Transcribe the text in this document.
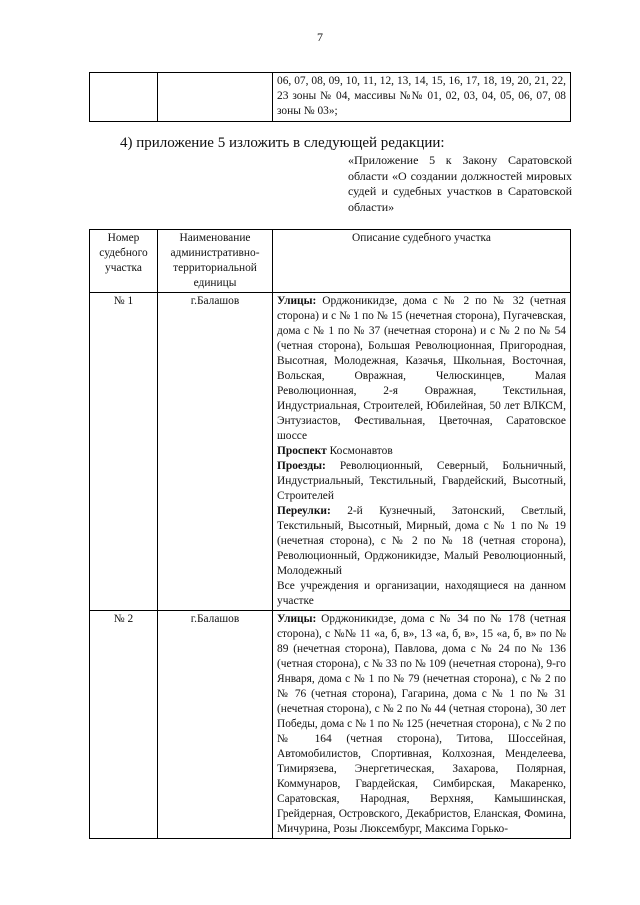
7
		06, 07, 08, 09, 10, 11, 12, 13, 14, 15, 16, 17, 18, 19, 20, 21, 22, 23 зоны № 04, массивы №№ 01, 02, 03, 04, 05, 06, 07, 08 зоны № 03»;
4) приложение 5 изложить в следующей редакции:
«Приложение 5 к Закону Саратовской области «О создании должностей мировых судей и судебных участков в Саратовской области»
Номер судебного участка	Наименование административно-территориальной единицы	Описание судебного участка
№ 1	г.Балашов	Улицы: Орджоникидзе, дома с № 2 по № 32 (четная сторона) и с № 1 по № 15 (нечетная сторона), Пугачевская, дома с № 1 по № 37 (нечетная сторона) и с № 2 по № 54 (четная сторона), Большая Революционная, Пригородная, Высотная, Молодежная, Казачья, Школьная, Восточная, Вольская, Овражная, Челюскинцев, Малая Революционная, 2-я Овражная, Текстильная, Индустриальная, Строителей, Юбилейная, 50 лет ВЛКСМ, Энтузиастов, Фестивальная, Цветочная, Саратовское шоссе
Проспект Космонавтов
Проезды: Революционный, Северный, Больничный, Индустриальный, Текстильный, Гвардейский, Высотный, Строителей
Переулки: 2-й Кузнечный, Затонский, Светлый, Текстильный, Высотный, Мирный, дома с № 1 по № 19 (нечетная сторона), с № 2 по № 18 (четная сторона), Революционный, Орджоникидзе, Малый Революционный, Молодежный
Все учреждения и организации, находящиеся на данном участке

№ 2	г.Балашов	Улицы: Орджоникидзе, дома с № 34 по № 178 (четная сторона), с №№ 11 «а, б, в», 13 «а, б, в», 15 «а, б, в» по № 89 (нечетная сторона), Павлова, дома с № 24 по № 136 (четная сторона), с № 33 по № 109 (нечетная сторона), 9-го Января, дома с № 1 по № 79 (нечетная сторона), с № 2 по № 76 (четная сторона), Гагарина, дома с № 1 по № 31 (нечетная сторона), с № 2 по № 44 (четная сторона), 30 лет Победы, дома с № 1 по № 125 (нечетная сторона), с № 2 по № 164 (четная сторона), Титова, Шоссейная, Автомобилистов, Спортивная, Колхозная, Менделеева, Тимирязева, Энергетическая, Захарова, Полярная, Коммунаров, Гвардейская, Симбирская, Макаренко, Саратовская, Народная, Верхняя, Камышинская, Грейдерная, Островского, Декабристов, Еланская, Фомина, Мичурина, Розы Люксембург, Максима Горько-
